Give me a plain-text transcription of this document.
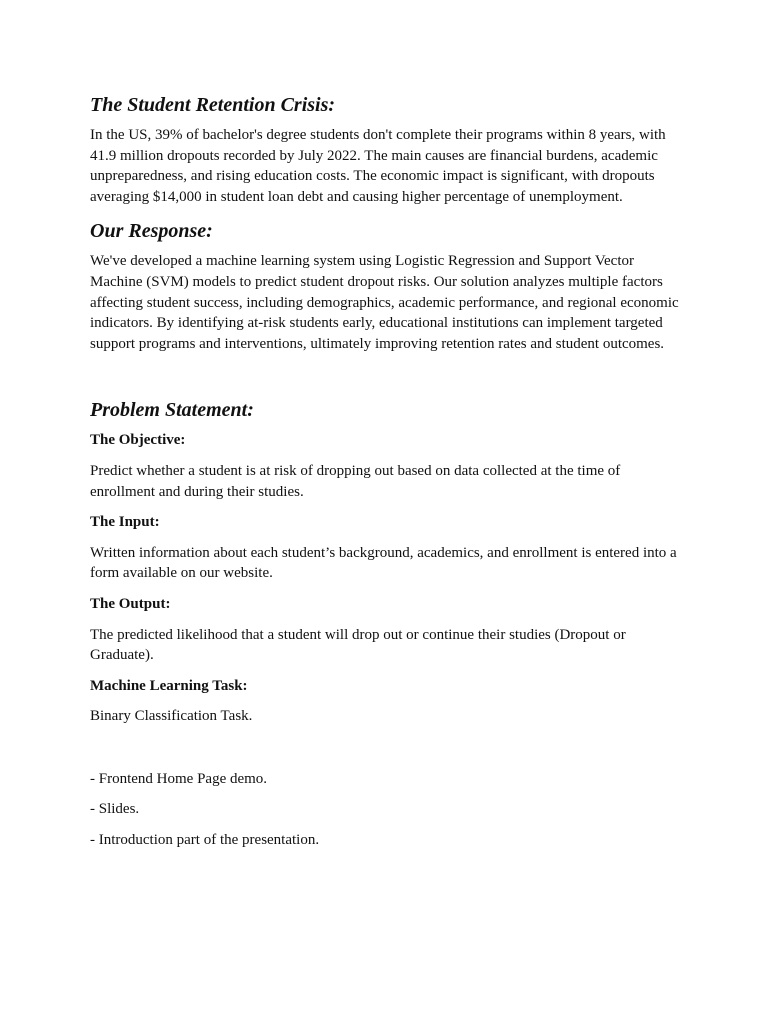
The Student Retention Crisis:

In the US, 39% of bachelor's degree students don't complete their programs within 8 years, with 41.9 million dropouts recorded by July 2022. The main causes are financial burdens, academic unpreparedness, and rising education costs. The economic impact is significant, with dropouts averaging $14,000 in student loan debt and causing higher percentage of unemployment.

Our Response:

We've developed a machine learning system using Logistic Regression and Support Vector Machine (SVM) models to predict student dropout risks. Our solution analyzes multiple factors affecting student success, including demographics, academic performance, and regional economic indicators. By identifying at-risk students early, educational institutions can implement targeted support programs and interventions, ultimately improving retention rates and student outcomes.

Problem Statement:

The Objective:

Predict whether a student is at risk of dropping out based on data collected at the time of enrollment and during their studies.

The Input:

Written information about each student’s background, academics, and enrollment is entered into a form available on our website.

The Output:

The predicted likelihood that a student will drop out or continue their studies (Dropout or Graduate).

Machine Learning Task:

Binary Classification Task.

- Frontend Home Page demo.

- Slides.

- Introduction part of the presentation.
